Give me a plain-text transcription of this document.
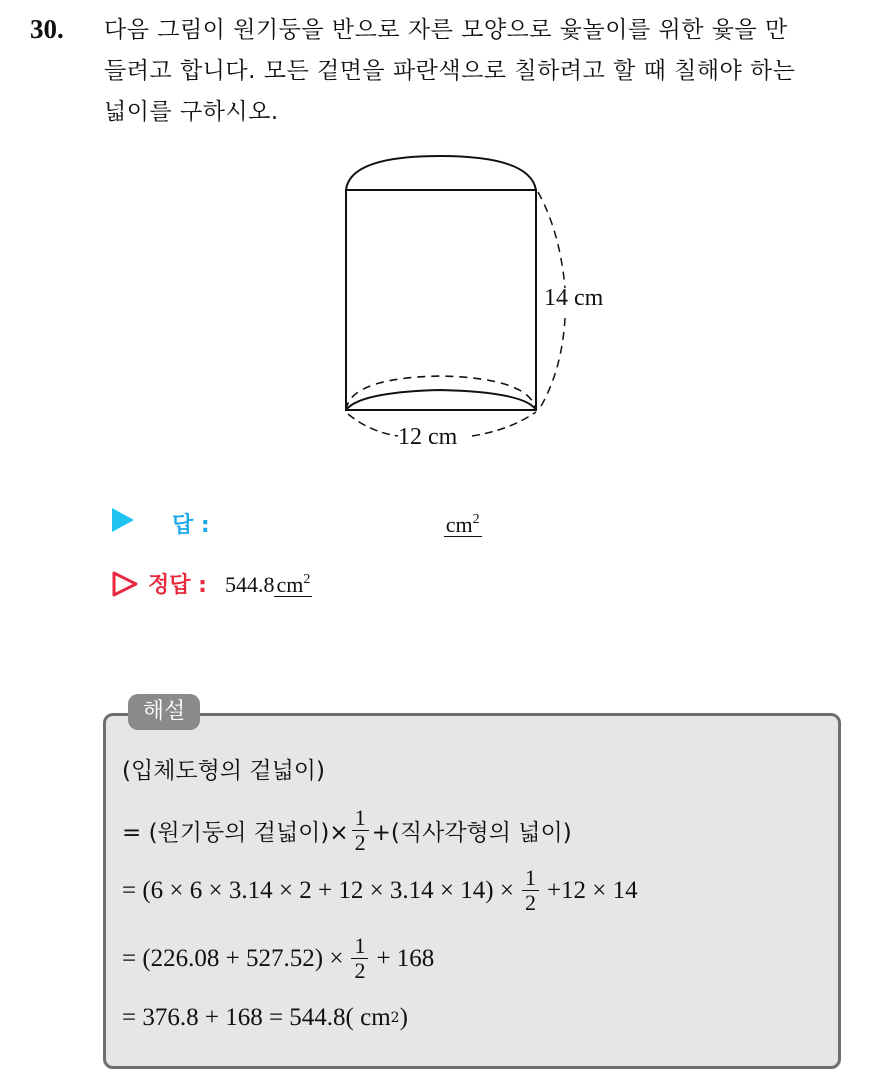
30. 다음 그림이 원기둥을 반으로 자른 모양으로 윷놀이를 위한 윷을 만
들려고 합니다. 모든 겉면을 파란색으로 칠하려고 할 때 칠해야 하는
넓이를 구하시오.
14 cm
12 cm
답 :	$cm^2$
정답 : 544.8 $cm^2$
해설
(입체도형의 겉넓이)
= (원기둥의 겉넓이)× $\frac{1}{2}$ +(직사각형의 넓이)
= $(6 \times 6 \times 3.14 \times 2 + 12 \times 3.14 \times 14) \times \frac{1}{2} +12 \times 14$
= $(226.08 + 527.52) \times \frac{1}{2} + 168$
= 376.8 + 168 = 544.8( cm 2 )
